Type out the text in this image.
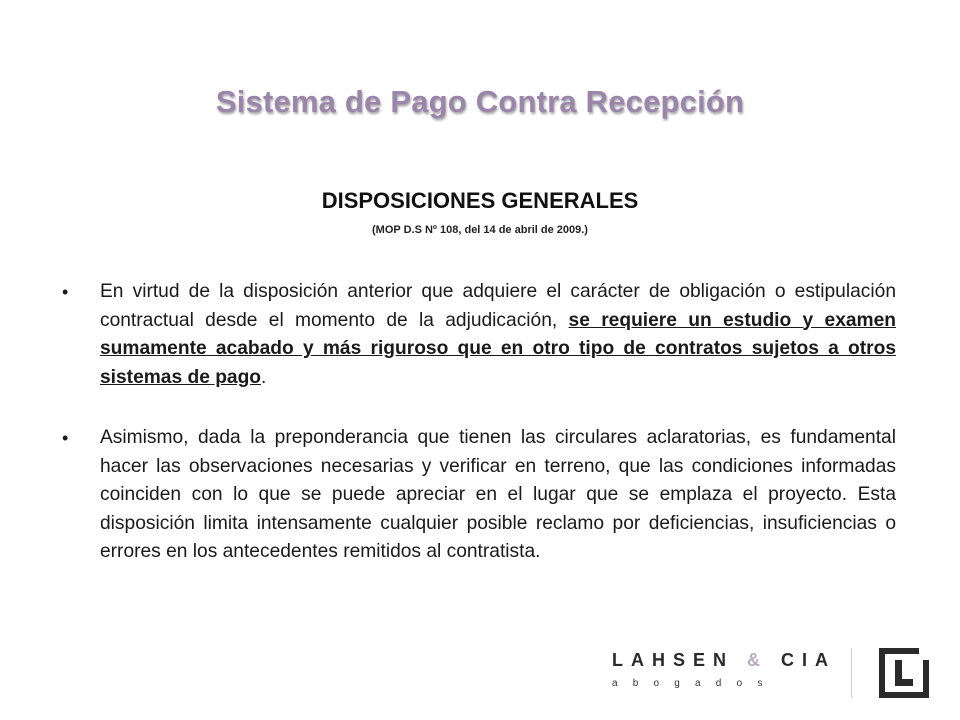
Sistema de Pago Contra Recepción
DISPOSICIONES GENERALES
(MOP D.S Nº 108, del 14 de abril de 2009.)
• En virtud de la disposición anterior que adquiere el carácter de obligación o estipulación contractual desde el momento de la adjudicación, se requiere un estudio y examen sumamente acabado y más riguroso que en otro tipo de contratos sujetos a otros sistemas de pago.
• Asimismo, dada la preponderancia que tienen las circulares aclaratorias, es fundamental hacer las observaciones necesarias y verificar en terreno, que las condiciones informadas coinciden con lo que se puede apreciar en el lugar que se emplaza el proyecto. Esta disposición limita intensamente cualquier posible reclamo por deficiencias, insuficiencias o errores en los antecedentes remitidos al contratista.
LAHSEN & CIA
abogados
